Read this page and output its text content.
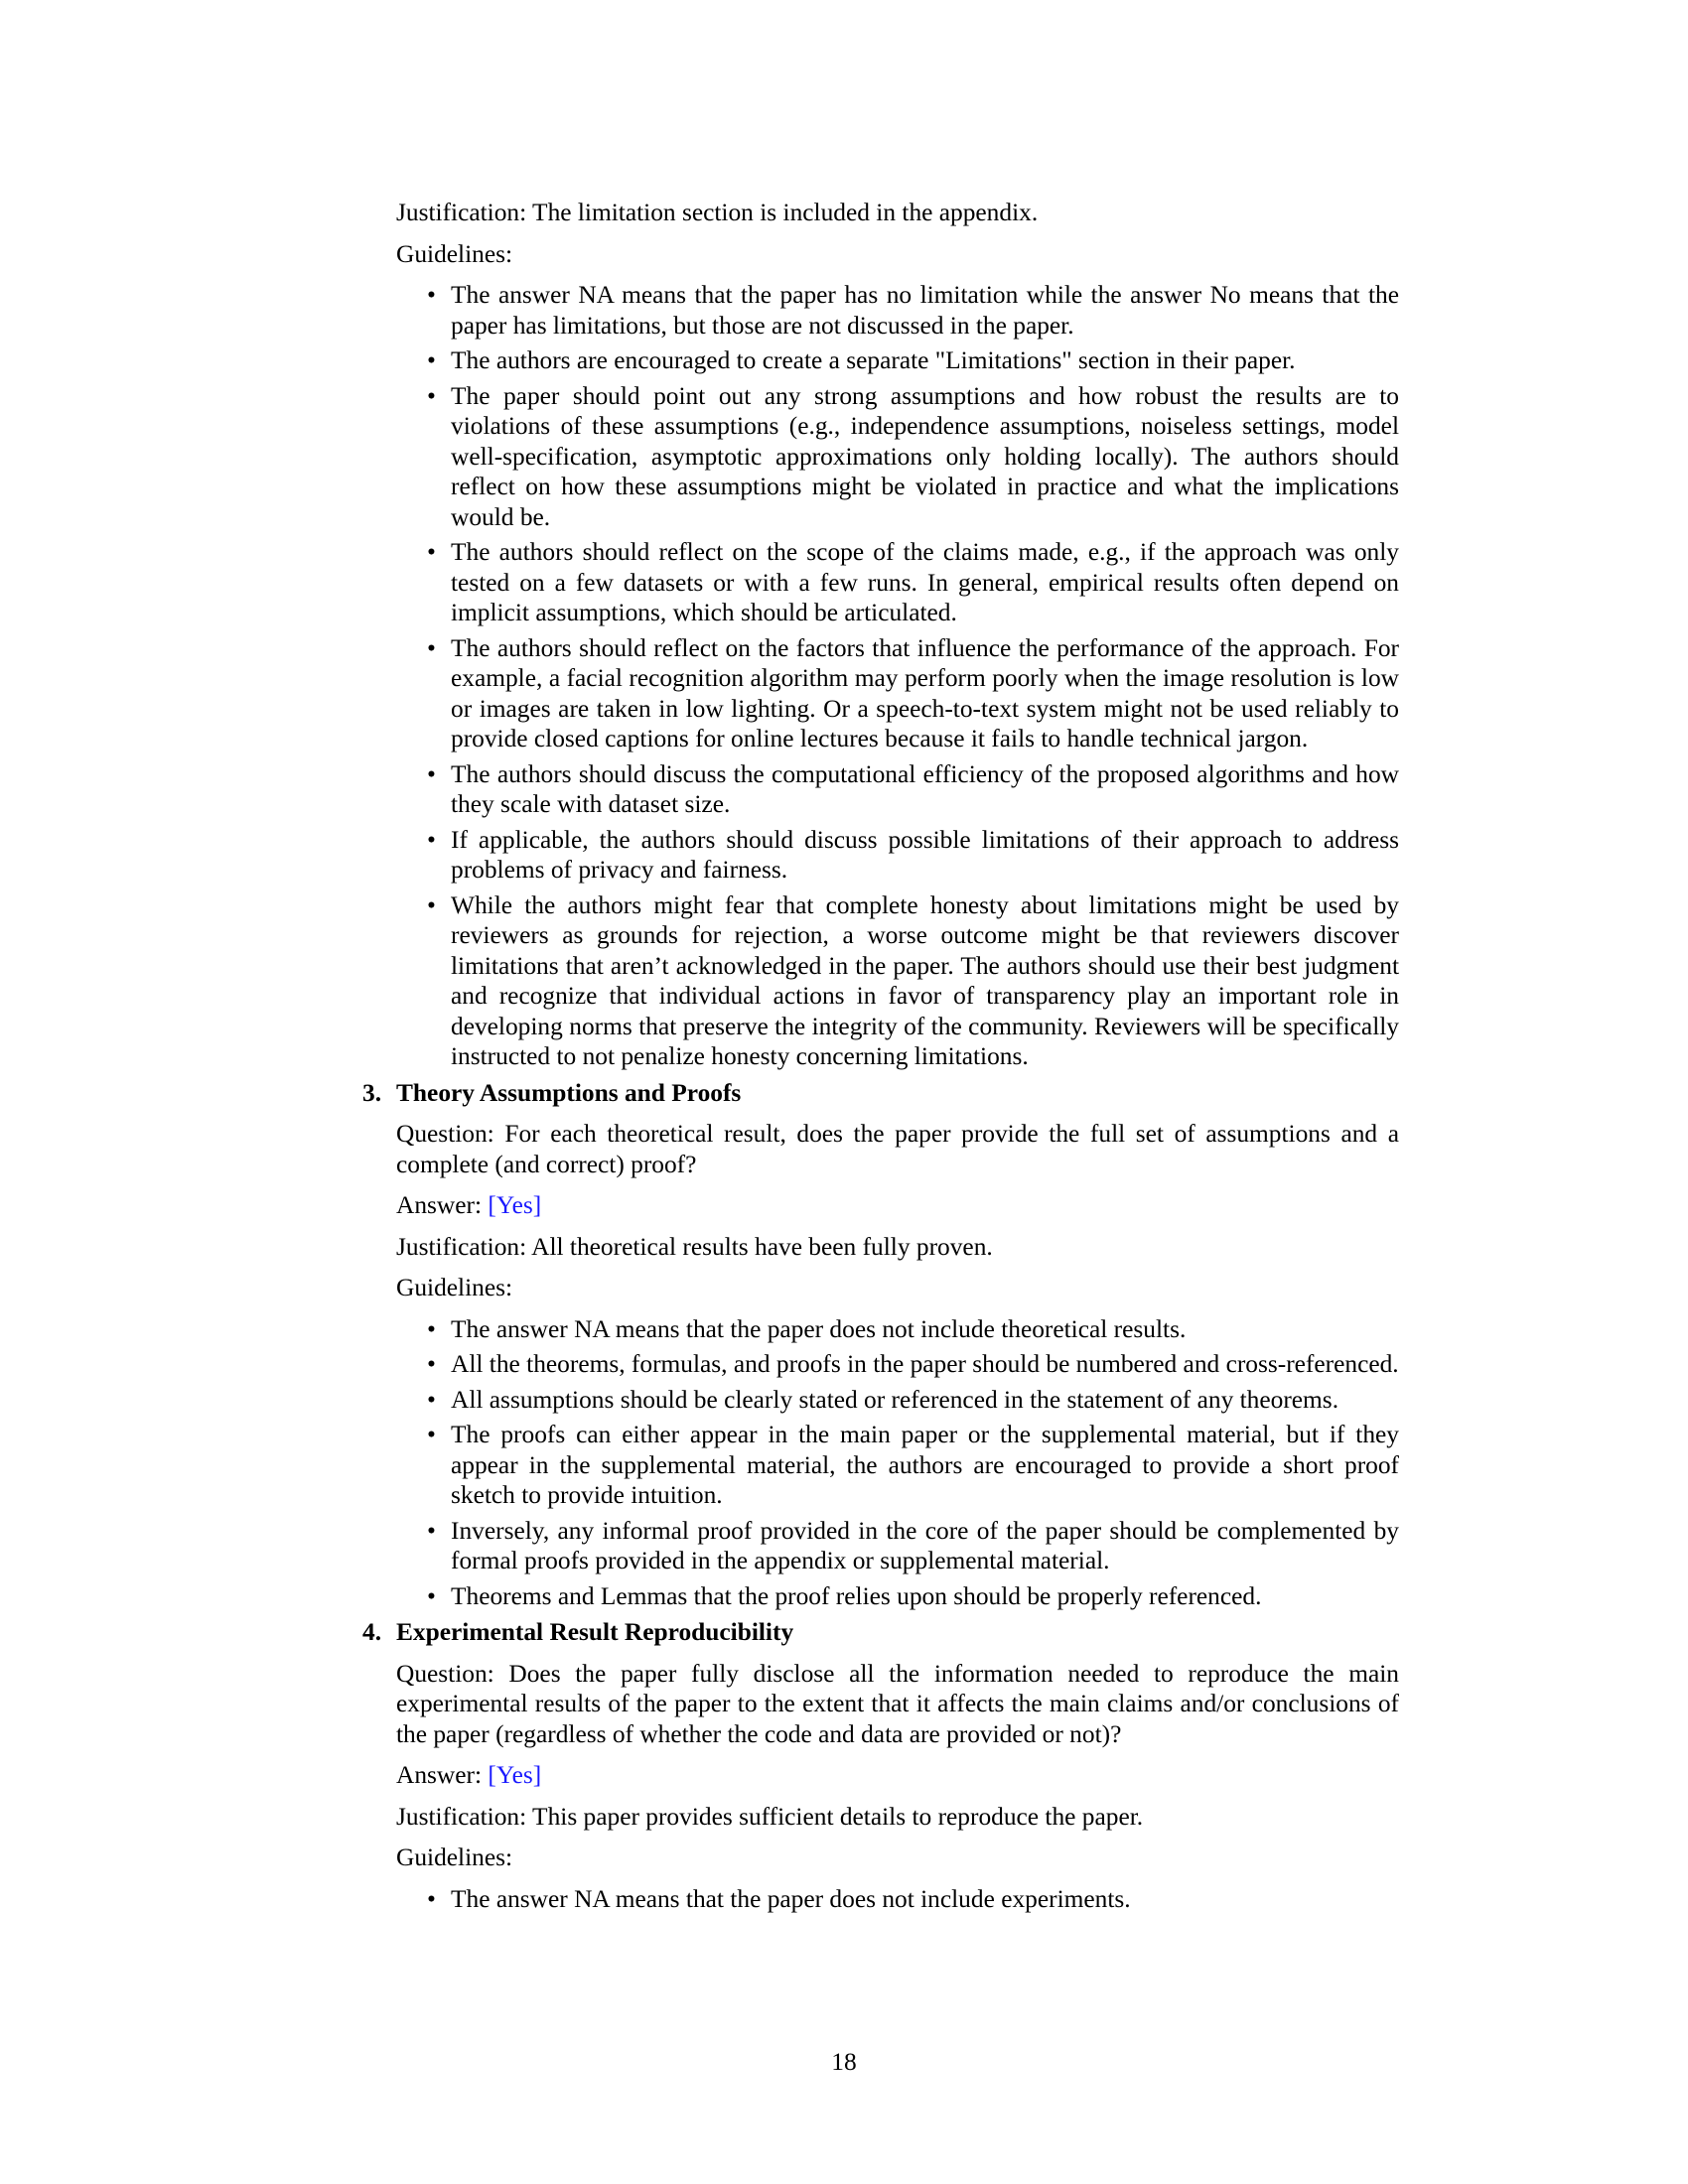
Justification: The limitation section is included in the appendix.

Guidelines:

• The answer NA means that the paper has no limitation while the answer No means that the paper has limitations, but those are not discussed in the paper.
• The authors are encouraged to create a separate "Limitations" section in their paper.
• The paper should point out any strong assumptions and how robust the results are to violations of these assumptions (e.g., independence assumptions, noiseless settings, model well-specification, asymptotic approximations only holding locally). The authors should reflect on how these assumptions might be violated in practice and what the implications would be.
• The authors should reflect on the scope of the claims made, e.g., if the approach was only tested on a few datasets or with a few runs. In general, empirical results often depend on implicit assumptions, which should be articulated.
• The authors should reflect on the factors that influence the performance of the approach. For example, a facial recognition algorithm may perform poorly when the image resolution is low or images are taken in low lighting. Or a speech-to-text system might not be used reliably to provide closed captions for online lectures because it fails to handle technical jargon.
• The authors should discuss the computational efficiency of the proposed algorithms and how they scale with dataset size.
• If applicable, the authors should discuss possible limitations of their approach to address problems of privacy and fairness.
• While the authors might fear that complete honesty about limitations might be used by reviewers as grounds for rejection, a worse outcome might be that reviewers discover limitations that aren’t acknowledged in the paper. The authors should use their best judgment and recognize that individual actions in favor of transparency play an important role in developing norms that preserve the integrity of the community. Reviewers will be specifically instructed to not penalize honesty concerning limitations.
3. Theory Assumptions and Proofs

Question: For each theoretical result, does the paper provide the full set of assumptions and a complete (and correct) proof?

Answer: [Yes]

Justification: All theoretical results have been fully proven.

Guidelines:

• The answer NA means that the paper does not include theoretical results.
• All the theorems, formulas, and proofs in the paper should be numbered and cross-referenced.
• All assumptions should be clearly stated or referenced in the statement of any theorems.
• The proofs can either appear in the main paper or the supplemental material, but if they appear in the supplemental material, the authors are encouraged to provide a short proof sketch to provide intuition.
• Inversely, any informal proof provided in the core of the paper should be complemented by formal proofs provided in the appendix or supplemental material.
• Theorems and Lemmas that the proof relies upon should be properly referenced.
4. Experimental Result Reproducibility

Question: Does the paper fully disclose all the information needed to reproduce the main experimental results of the paper to the extent that it affects the main claims and/or conclusions of the paper (regardless of whether the code and data are provided or not)?

Answer: [Yes]

Justification: This paper provides sufficient details to reproduce the paper.

Guidelines:

• The answer NA means that the paper does not include experiments.
18
